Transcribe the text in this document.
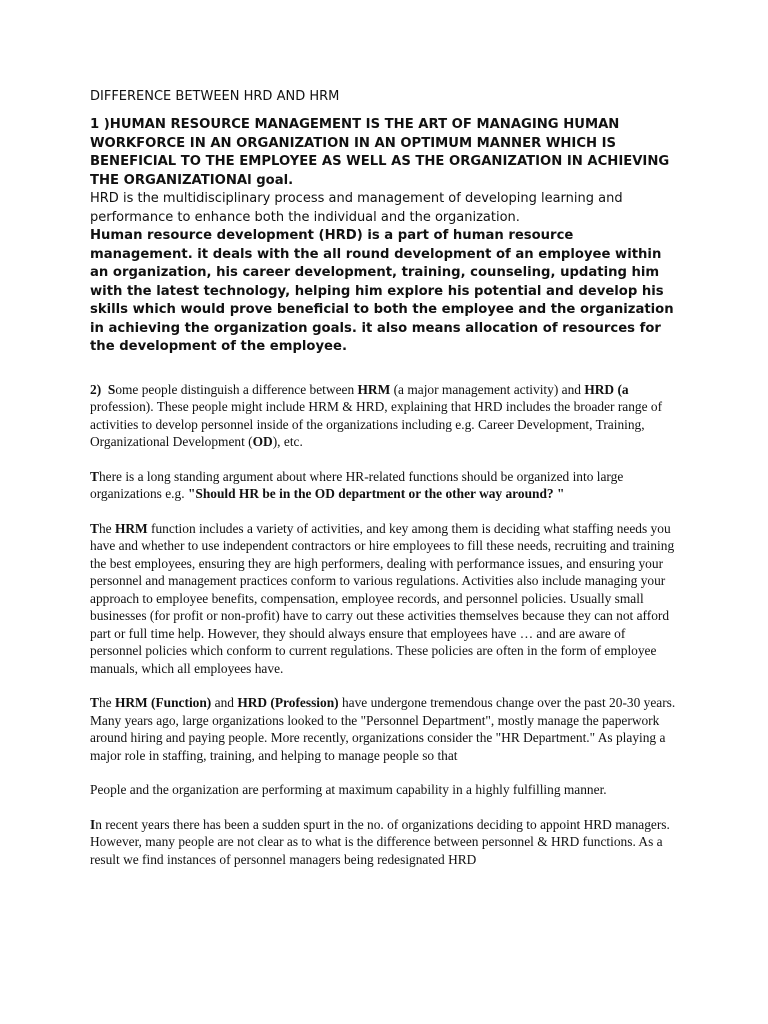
DIFFERENCE BETWEEN HRD AND HRM

1 )HUMAN RESOURCE MANAGEMENT IS THE ART OF MANAGING HUMAN WORKFORCE IN AN ORGANIZATION IN AN OPTIMUM MANNER WHICH IS BENEFICIAL TO THE EMPLOYEE AS WELL AS THE ORGANIZATION IN ACHIEVING THE ORGANIZATIONAl goal.

HRD is the multidisciplinary process and management of developing learning and performance to enhance both the individual and the organization.

Human resource development (HRD) is a part of human resource management. it deals with the all round development of an employee within an organization, his career development, training, counseling, updating him with the latest technology, helping him explore his potential and develop his skills which would prove beneficial to both the employee and the organization in achieving the organization goals. it also means allocation of resources for the development of the employee.

2) Some people distinguish a difference between HRM (a major management activity) and HRD (a profession). These people might include HRM & HRD, explaining that HRD includes the broader range of activities to develop personnel inside of the organizations including e.g. Career Development, Training, Organizational Development (OD), etc.

There is a long standing argument about where HR-related functions should be organized into large organizations e.g. "Should HR be in the OD department or the other way around? "

The HRM function includes a variety of activities, and key among them is deciding what staffing needs you have and whether to use independent contractors or hire employees to fill these needs, recruiting and training the best employees, ensuring they are high performers, dealing with performance issues, and ensuring your personnel and management practices conform to various regulations. Activities also include managing your approach to employee benefits, compensation, employee records, and personnel policies. Usually small businesses (for profit or non-profit) have to carry out these activities themselves because they can not afford part or full time help. However, they should always ensure that employees have … and are aware of personnel policies which conform to current regulations. These policies are often in the form of employee manuals, which all employees have.

The HRM (Function) and HRD (Profession) have undergone tremendous change over the past 20-30 years. Many years ago, large organizations looked to the "Personnel Department", mostly manage the paperwork around hiring and paying people. More recently, organizations consider the "HR Department." As playing a major role in staffing, training, and helping to manage people so that

People and the organization are performing at maximum capability in a highly fulfilling manner.

In recent years there has been a sudden spurt in the no. of organizations deciding to appoint HRD managers. However, many people are not clear as to what is the difference between personnel & HRD functions. As a result we find instances of personnel managers being redesignated HRD
